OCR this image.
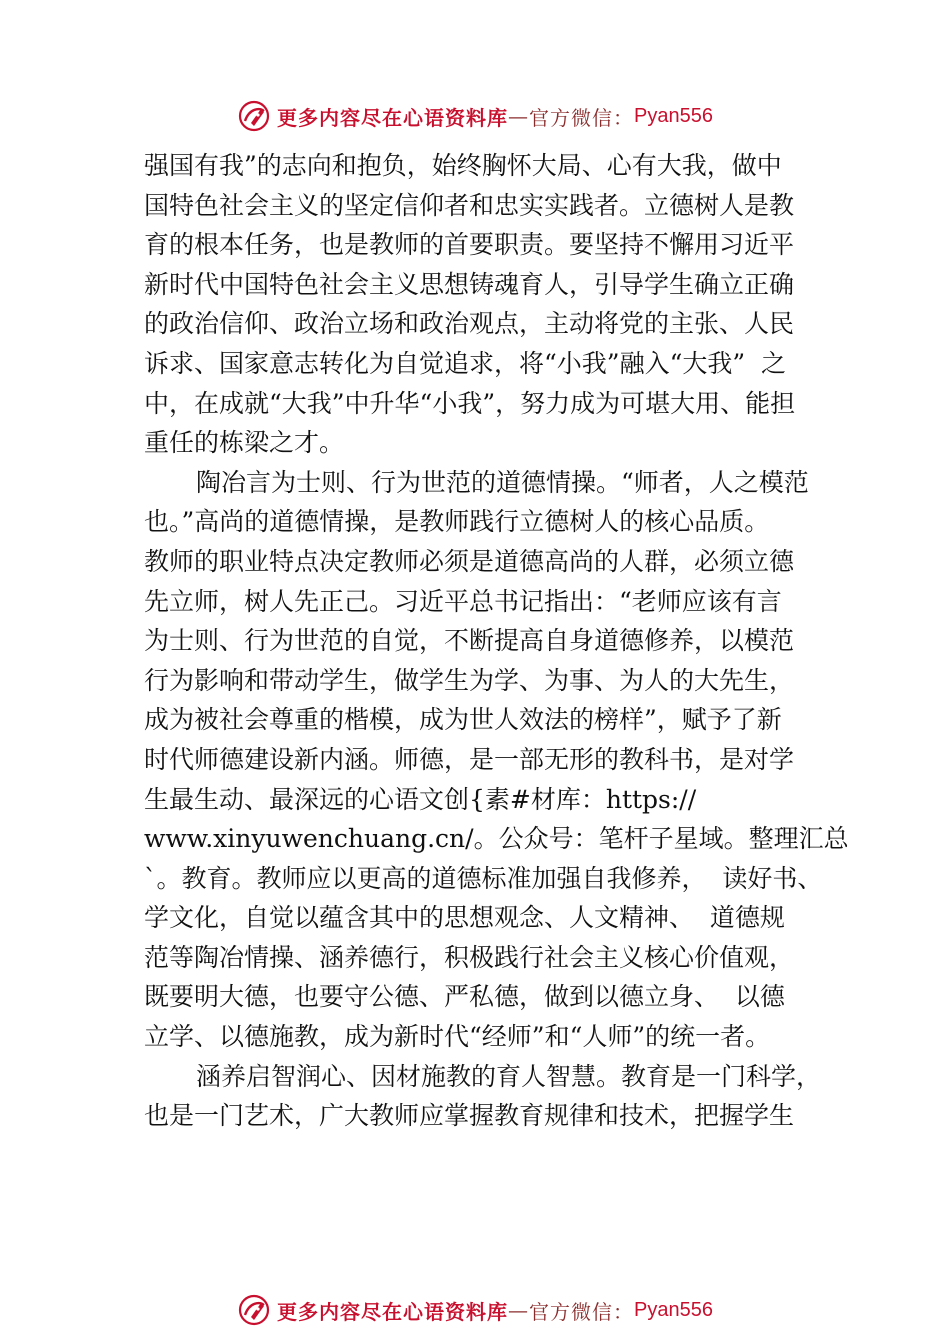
更多内容尽在心语资料库 — 官方微信： Pyan556
强国有我”的志向和抱负，始终胸怀大局、心有大我，做中
国特色社会主义的坚定信仰者和忠实实践者。立德树人是教
育的根本任务，也是教师的首要职责。要坚持不懈用习近平
新时代中国特色社会主义思想铸魂育人，引导学生确立正确
的政治信仰、政治立场和政治观点，主动将党的主张、人民
诉求、国家意志转化为自觉追求，将“小我”融入“大我”  之
中，在成就“大我”中升华“小我”，努力成为可堪大用、能担
重任的栋梁之才。
陶冶言为士则、行为世范的道德情操。“师者，人之模范
也。”高尚的道德情操，是教师践行立德树人的核心品质。
教师的职业特点决定教师必须是道德高尚的人群，必须立德
先立师，树人先正己。习近平总书记指出：“老师应该有言
为士则、行为世范的自觉，不断提高自身道德修养，以模范
行为影响和带动学生，做学生为学、为事、为人的大先生，
成为被社会尊重的楷模，成为世人效法的榜样”，赋予了新
时代师德建设新内涵。师德，是一部无形的教科书，是对学
生最生动、最深远的心语文创{素#材库：https://
www.xinyuwenchuang.cn/。公众号：笔杆子星域。整理汇总
`。教育。教师应以更高的道德标准加强自我修养，  读好书、
学文化，自觉以蕴含其中的思想观念、人文精神、  道德规
范等陶冶情操、涵养德行，积极践行社会主义核心价值观，
既要明大德，也要守公德、严私德，做到以德立身、  以德
立学、以德施教，成为新时代“经师”和“人师”的统一者。
涵养启智润心、因材施教的育人智慧。教育是一门科学，
也是一门艺术，广大教师应掌握教育规律和技术，把握学生
更多内容尽在心语资料库 — 官方微信： Pyan556
